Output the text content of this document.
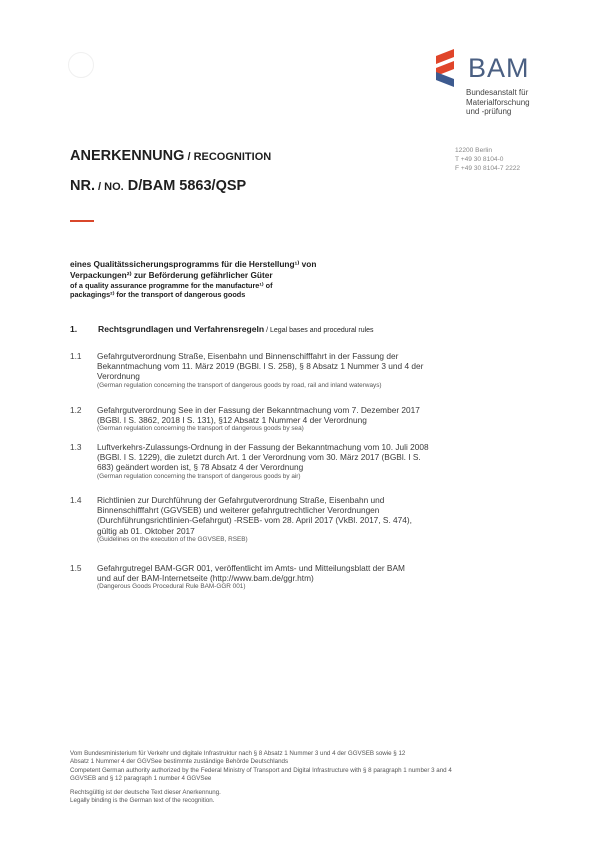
BAM
Bundesanstalt für
Materialforschung
und -prüfung
ANERKENNUNG / RECOGNITION
NR. / NO. D/BAM 5863/QSP
12200 Berlin
T +49 30 8104-0
F +49 30 8104-7 2222
eines Qualitätssicherungsprogramms für die Herstellung¹⁾ von
Verpackungen²⁾ zur Beförderung gefährlicher Güter
of a quality assurance programme for the manufacture¹⁾ of
packagings²⁾ for the transport of dangerous goods
1. Rechtsgrundlagen und Verfahrensregeln / Legal bases and procedural rules
1.1 Gefahrgutverordnung Straße, Eisenbahn und Binnenschifffahrt in der Fassung der
Bekanntmachung vom 11. März 2019 (BGBl. I S. 258), § 8 Absatz 1 Nummer 3 und 4 der
Verordnung
(German regulation concerning the transport of dangerous goods by road, rail and inland waterways)
1.2 Gefahrgutverordnung See in der Fassung der Bekanntmachung vom 7. Dezember 2017
(BGBl. I S. 3862, 2018 I S. 131), §12 Absatz 1 Nummer 4 der Verordnung
(German regulation concerning the transport of dangerous goods by sea)
1.3 Luftverkehrs-Zulassungs-Ordnung in der Fassung der Bekanntmachung vom 10. Juli 2008
(BGBl. I S. 1229), die zuletzt durch Art. 1 der Verordnung vom 30. März 2017 (BGBl. I S.
683) geändert worden ist, § 78 Absatz 4 der Verordnung
(German regulation concerning the transport of dangerous goods by air)
1.4 Richtlinien zur Durchführung der Gefahrgutverordnung Straße, Eisenbahn und
Binnenschifffahrt (GGVSEB) und weiterer gefahrgutrechtlicher Verordnungen
(Durchführungsrichtlinien-Gefahrgut) -RSEB- vom 28. April 2017 (VkBl. 2017, S. 474),
gültig ab 01. Oktober 2017
(Guidelines on the execution of the GGVSEB, RSEB)
1.5 Gefahrgutregel BAM-GGR 001, veröffentlicht im Amts- und Mitteilungsblatt der BAM
und auf der BAM-Internetseite (http://www.bam.de/ggr.htm)
(Dangerous Goods Procedural Rule BAM-GGR 001)
Vom Bundesministerium für Verkehr und digitale Infrastruktur nach § 8 Absatz 1 Nummer 3 und 4 der GGVSEB sowie § 12
Absatz 1 Nummer 4 der GGVSee bestimmte zuständige Behörde Deutschlands
Competent German authority authorized by the Federal Ministry of Transport and Digital Infrastructure with § 8 paragraph 1 number 3 and 4
GGVSEB and § 12 paragraph 1 number 4 GGVSee
Rechtsgültig ist der deutsche Text dieser Anerkennung.
Legally binding is the German text of the recognition.
